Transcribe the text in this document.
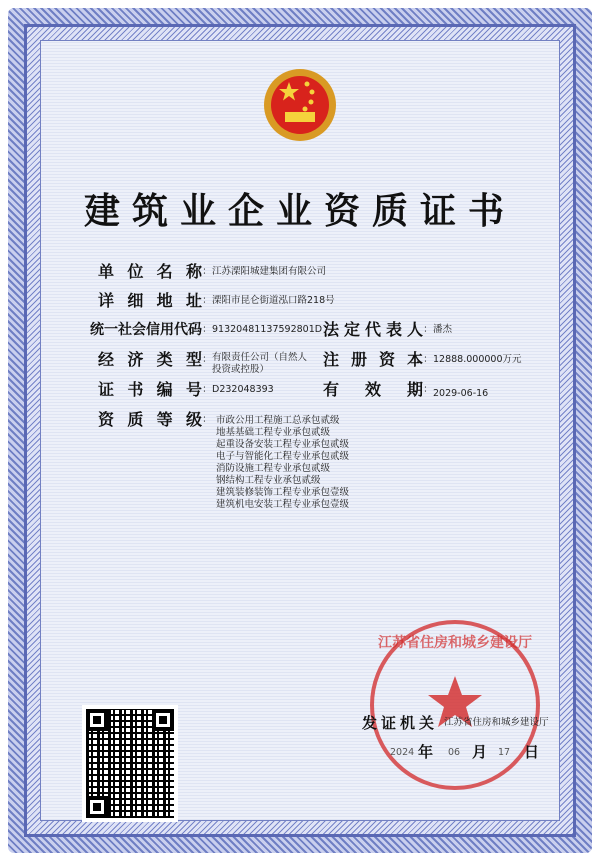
建筑业企业资质证书
单位名称 ： 江苏溧阳城建集团有限公司
详细地址 ： 溧阳市昆仑街道泓口路218号
统一社会信用代码 ： 91320481137592801D 法定代表人 ： 潘杰
经济类型 ： 有限责任公司（自然人投资或控股）
注册资本 ： 12888.000000万元
证书编号 ： D232048393	有效期 ： 2029-06-16
资质等级 ： 市政公用工程施工总承包贰级
地基基础工程专业承包贰级
起重设备安装工程专业承包贰级
电子与智能化工程专业承包贰级
消防设施工程专业承包贰级
钢结构工程专业承包贰级
建筑装修装饰工程专业承包壹级
建筑机电安装工程专业承包壹级
江苏省住房和城乡建设厅
发证机关 江苏省住房和城乡建设厅
2024 年 06 月 17 日
